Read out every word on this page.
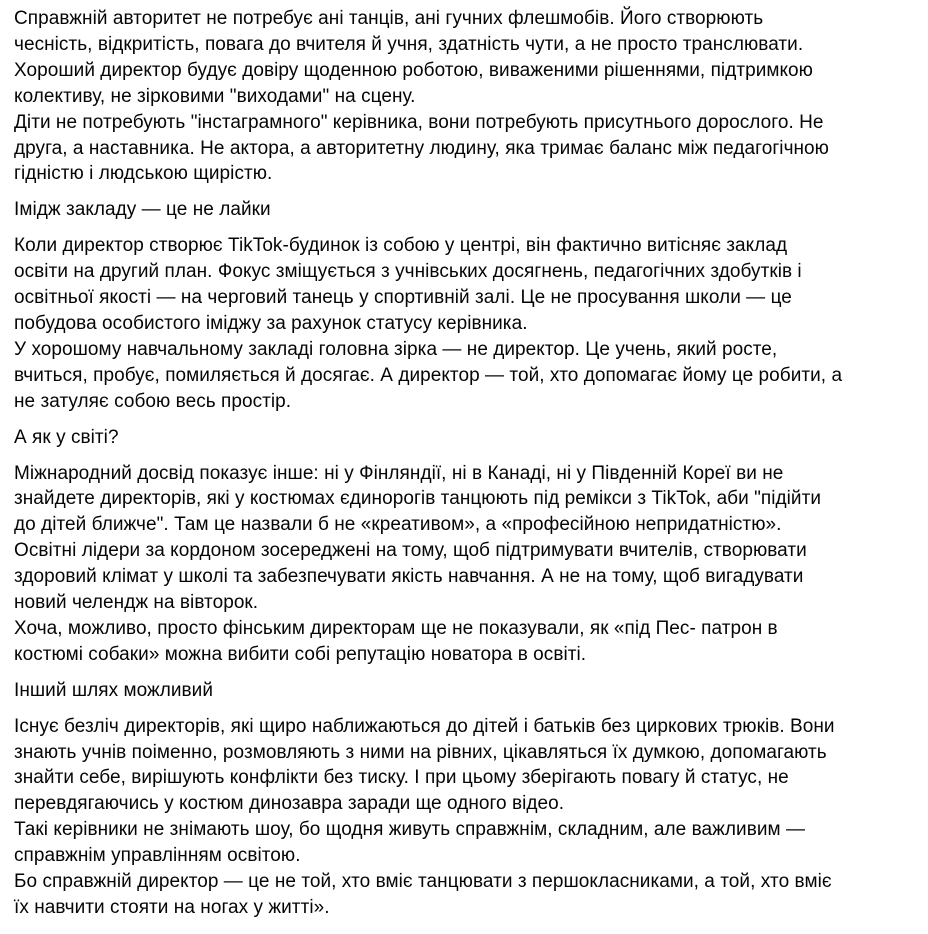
Справжній авторитет не потребує ані танців, ані гучних флешмобів. Його створюють
чесність, відкритість, повага до вчителя й учня, здатність чути, а не просто транслювати.
Хороший директор будує довіру щоденною роботою, виваженими рішеннями, підтримкою
колективу, не зірковими "виходами" на сцену.
Діти не потребують "інстаграмного" керівника, вони потребують присутнього дорослого. Не
друга, а наставника. Не актора, а авторитетну людину, яка тримає баланс між педагогічною
гідністю і людською щирістю.
Імідж закладу — це не лайки
Коли директор створює TikTok-будинок із собою у центрі, він фактично витісняє заклад
освіти на другий план. Фокус зміщується з учнівських досягнень, педагогічних здобутків і
освітньої якості — на черговий танець у спортивній залі. Це не просування школи — це
побудова особистого іміджу за рахунок статусу керівника.
У хорошому навчальному закладі головна зірка — не директор. Це учень, який росте,
вчиться, пробує, помиляється й досягає. А директор — той, хто допомагає йому це робити, а
не затуляє собою весь простір.
А як у світі?
Міжнародний досвід показує інше: ні у Фінляндії, ні в Канаді, ні у Південній Кореї ви не
знайдете директорів, які у костюмах єдинорогів танцюють під ремікси з TikTok, аби "підійти
до дітей ближче". Там це назвали б не «креативом», а «професійною непридатністю».
Освітні лідери за кордоном зосереджені на тому, щоб підтримувати вчителів, створювати
здоровий клімат у школі та забезпечувати якість навчання. А не на тому, щоб вигадувати
новий челендж на вівторок.
Хоча, можливо, просто фінським директорам ще не показували, як «під Пес- патрон в
костюмі собаки» можна вибити собі репутацію новатора в освіті.
Інший шлях можливий
Існує безліч директорів, які щиро наближаються до дітей і батьків без циркових трюків. Вони
знають учнів поіменно, розмовляють з ними на рівних, цікавляться їх думкою, допомагають
знайти себе, вирішують конфлікти без тиску. І при цьому зберігають повагу й статус, не
перевдягаючись у костюм динозавра заради ще одного відео.
Такі керівники не знімають шоу, бо щодня живуть справжнім, складним, але важливим —
справжнім управлінням освітою.
Бо справжній директор — це не той, хто вміє танцювати з першокласниками, а той, хто вміє
їх навчити стояти на ногах у житті».
